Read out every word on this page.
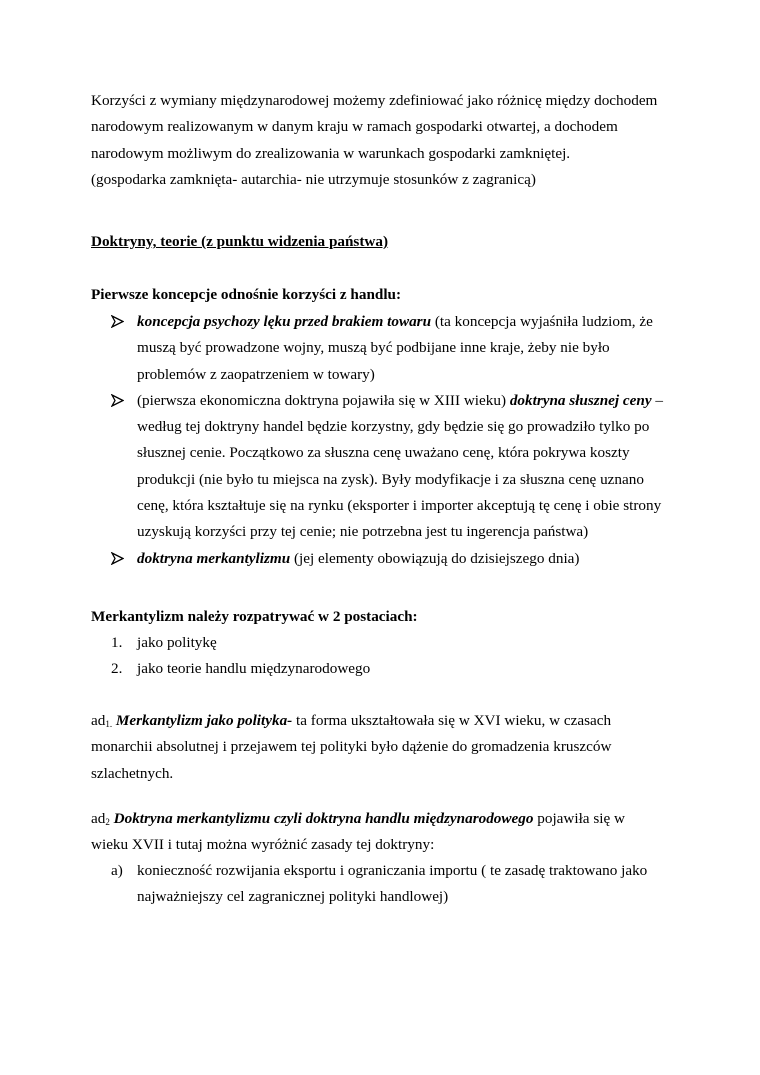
Korzyści z wymiany międzynarodowej możemy zdefiniować jako różnicę między dochodem narodowym realizowanym w danym kraju w ramach gospodarki otwartej, a dochodem narodowym możliwym do zrealizowania w warunkach gospodarki zamkniętej.

(gospodarka zamknięta- autarchia- nie utrzymuje stosunków z zagranicą)

Doktryny, teorie (z punktu widzenia państwa)
Pierwsze koncepcje odnośnie korzyści z handlu:
koncepcja psychozy lęku przed brakiem towaru (ta koncepcja wyjaśniła ludziom, że muszą być prowadzone wojny, muszą być podbijane inne kraje, żeby nie było problemów z zaopatrzeniem w towary)
(pierwsza ekonomiczna doktryna pojawiła się w XIII wieku) doktryna słusznej ceny –według tej doktryny handel będzie korzystny, gdy będzie się go prowadziło tylko po słusznej cenie. Początkowo za słuszna cenę uważano cenę, która pokrywa koszty produkcji (nie było tu miejsca na zysk). Były modyfikacje i za słuszna cenę uznano cenę, która kształtuje się na rynku (eksporter i importer akceptują tę cenę i obie strony uzyskują korzyści przy tej cenie; nie potrzebna jest tu ingerencja państwa)
doktryna merkantylizmu (jej elementy obowiązują do dzisiejszego dnia)
Merkantylizm należy rozpatrywać w 2 postaciach:
1. jako politykę
2. jako teorie handlu międzynarodowego

$ad_{1.}$ Merkantylizm jako polityka- ta forma ukształtowała się w XVI wieku, w czasach monarchii absolutnej i przejawem tej polityki było dążenie do gromadzenia kruszców szlachetnych.

$ad_2$ Doktryna merkantylizmu czyli doktryna handlu międzynarodowego pojawiła się w wieku XVII i tutaj można wyróżnić zasady tej doktryny:

a) konieczność rozwijania eksportu i ograniczania importu ( te zasadę traktowano jako najważniejszy cel zagranicznej polityki handlowej)
